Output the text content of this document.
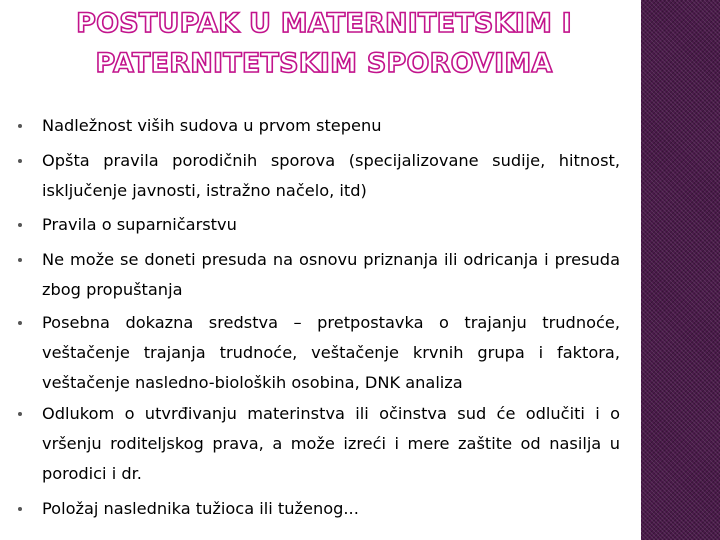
POSTUPAK U MATERNITETSKIM I PATERNITETSKIM SPOROVIMA
Nadležnost viših sudova u prvom stepenu
Opšta pravila porodičnih sporova (specijalizovane sudije, hitnost, isključenje javnosti, istražno načelo, itd)
Pravila o suparničarstvu
Ne može se doneti presuda na osnovu priznanja ili odricanja i presuda zbog propuštanja
Posebna dokazna sredstva – pretpostavka o trajanju trudnoće, veštačenje trajanja trudnoće, veštačenje krvnih grupa i faktora, veštačenje nasledno-bioloških osobina, DNK analiza
Odlukom o utvrđivanju materinstva ili očinstva sud će odlučiti i o vršenju roditeljskog prava, a može izreći i mere zaštite od nasilja u porodici i dr.
Položaj naslednika tužioca ili tuženog...
